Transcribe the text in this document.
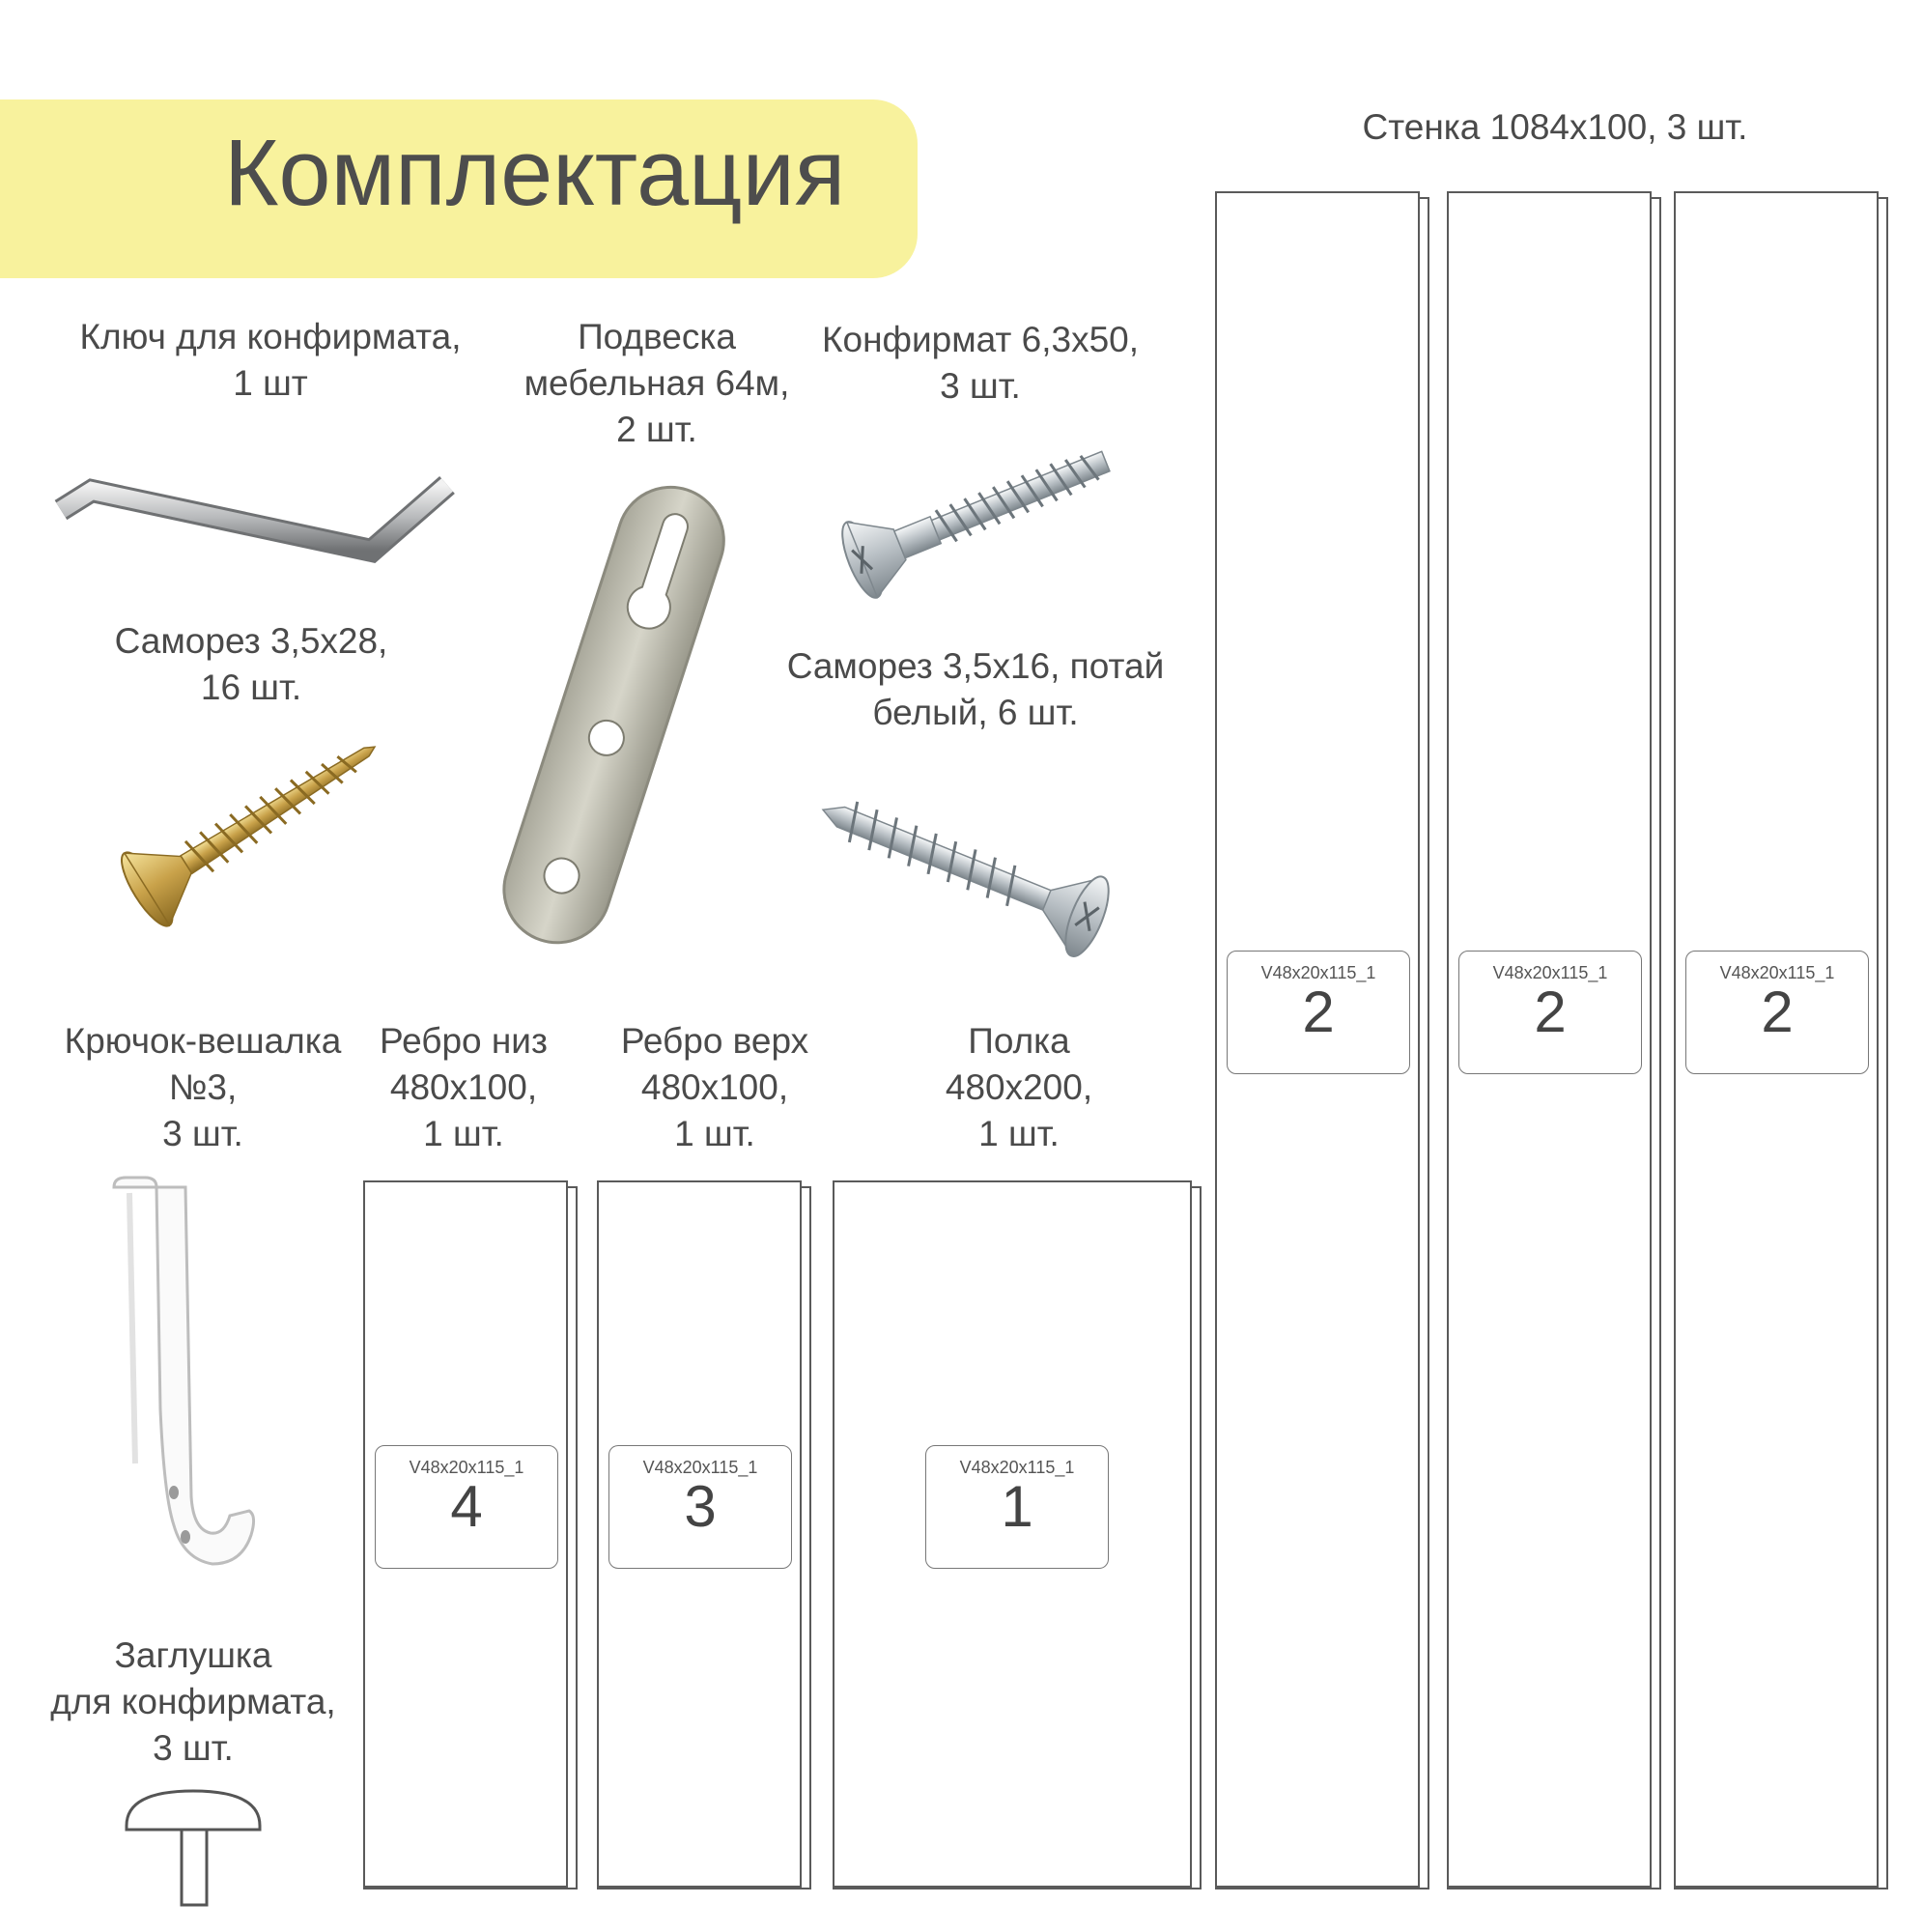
Комплектация	Стенка 1084х100, 3 шт.
Ключ для конфирмата,
1 шт
Подвеска
мебельная 64м,
2 шт.
Конфирмат 6,3х50,
3 шт.
Саморез 3,5х28,
16 шт.
Саморез 3,5х16, потай
белый, 6 шт.
Крючок-вешалка
№3,
3 шт.
Заглушка
для конфирмата,
3 шт.
Ребро низ
480х100,
1 шт.
Ребро верх
480х100,
1 шт.
Полка
480х200,
1 шт.
V48x20x115_1
4
V48x20x115_1
3
V48x20x115_1
1
V48x20x115_1
2
V48x20x115_1
2
V48x20x115_1
2
